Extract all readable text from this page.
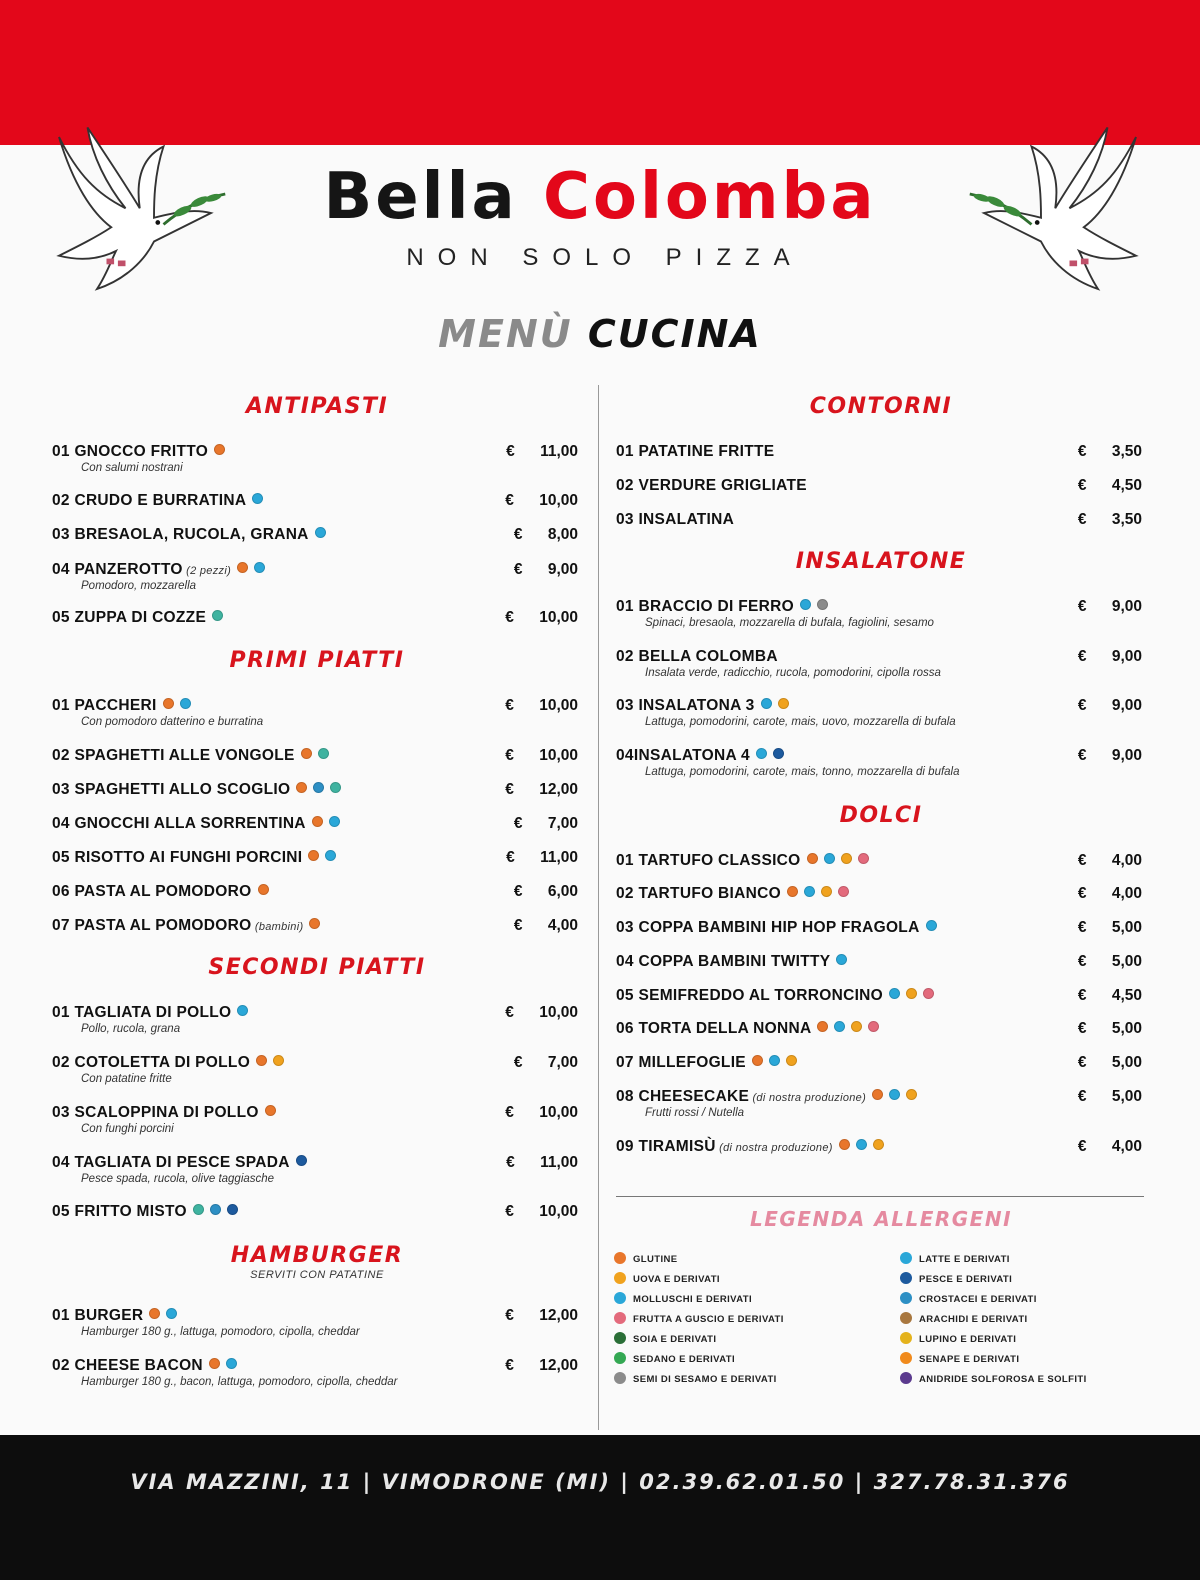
Bella Colomba
NON SOLO PIZZA
MENÙ CUCINA
ANTIPASTI
01 GNOCCO FRITTO
Con salumi nostrani
€ 11,00
02 CRUDO E BURRATINA	€ 10,00
03 BRESAOLA, RUCOLA, GRANA	€ 8,00
04 PANZEROTTO (2 pezzi)
Pomodoro, mozzarella
€ 9,00
05 ZUPPA DI COZZE	€ 10,00
PRIMI PIATTI
01 PACCHERI
Con pomodoro datterino e burratina
€ 10,00
02 SPAGHETTI ALLE VONGOLE	€ 10,00
03 SPAGHETTI ALLO SCOGLIO	€ 12,00
04 GNOCCHI ALLA SORRENTINA	€ 7,00
05 RISOTTO AI FUNGHI PORCINI	€ 11,00
06 PASTA AL POMODORO	€ 6,00
07 PASTA AL POMODORO (bambini)	€ 4,00
SECONDI PIATTI
01 TAGLIATA DI POLLO
Pollo, rucola, grana
€ 10,00
02 COTOLETTA DI POLLO
Con patatine fritte
€ 7,00
03 SCALOPPINA DI POLLO
Con funghi porcini
€ 10,00
04 TAGLIATA DI PESCE SPADA
Pesce spada, rucola, olive taggiasche
€ 11,00
05 FRITTO MISTO	€ 10,00
HAMBURGER
SERVITI CON PATATINE
01 BURGER
Hamburger 180 g., lattuga, pomodoro, cipolla, cheddar
€ 12,00
02 CHEESE BACON
Hamburger 180 g., bacon, lattuga, pomodoro, cipolla, cheddar
€ 12,00
CONTORNI
01 PATATINE FRITTE	€ 3,50
02 VERDURE GRIGLIATE	€ 4,50
03 INSALATINA	€ 3,50
INSALATONE
01 BRACCIO DI FERRO
Spinaci, bresaola, mozzarella di bufala, fagiolini, sesamo
€ 9,00
02 BELLA COLOMBA
Insalata verde, radicchio, rucola, pomodorini, cipolla rossa
€ 9,00
03 INSALATONA 3
Lattuga, pomodorini, carote, mais, uovo, mozzarella di bufala
€ 9,00
04INSALATONA 4
Lattuga, pomodorini, carote, mais, tonno, mozzarella di bufala
€ 9,00
DOLCI
01 TARTUFO CLASSICO	€ 4,00
02 TARTUFO BIANCO	€ 4,00
03 COPPA BAMBINI HIP HOP FRAGOLA	€ 5,00
04 COPPA BAMBINI TWITTY	€ 5,00
05 SEMIFREDDO AL TORRONCINO	€ 4,50
06 TORTA DELLA NONNA	€ 5,00
07 MILLEFOGLIE	€ 5,00
08 CHEESECAKE (di nostra produzione)
Frutti rossi / Nutella
€ 5,00
09 TIRAMISÙ (di nostra produzione)	€ 4,00
LEGENDA ALLERGENI
GLUTINE
UOVA E DERIVATI
MOLLUSCHI E DERIVATI
FRUTTA A GUSCIO E DERIVATI
SOIA E DERIVATI
SEDANO E DERIVATI
SEMI DI SESAMO E DERIVATI
LATTE E DERIVATI
PESCE E DERIVATI
CROSTACEI E DERIVATI
ARACHIDI E DERIVATI
LUPINO E DERIVATI
SENAPE E DERIVATI
ANIDRIDE SOLFOROSA E SOLFITI
VIA MAZZINI, 11 | VIMODRONE (MI) | 02.39.62.01.50 | 327.78.31.376
